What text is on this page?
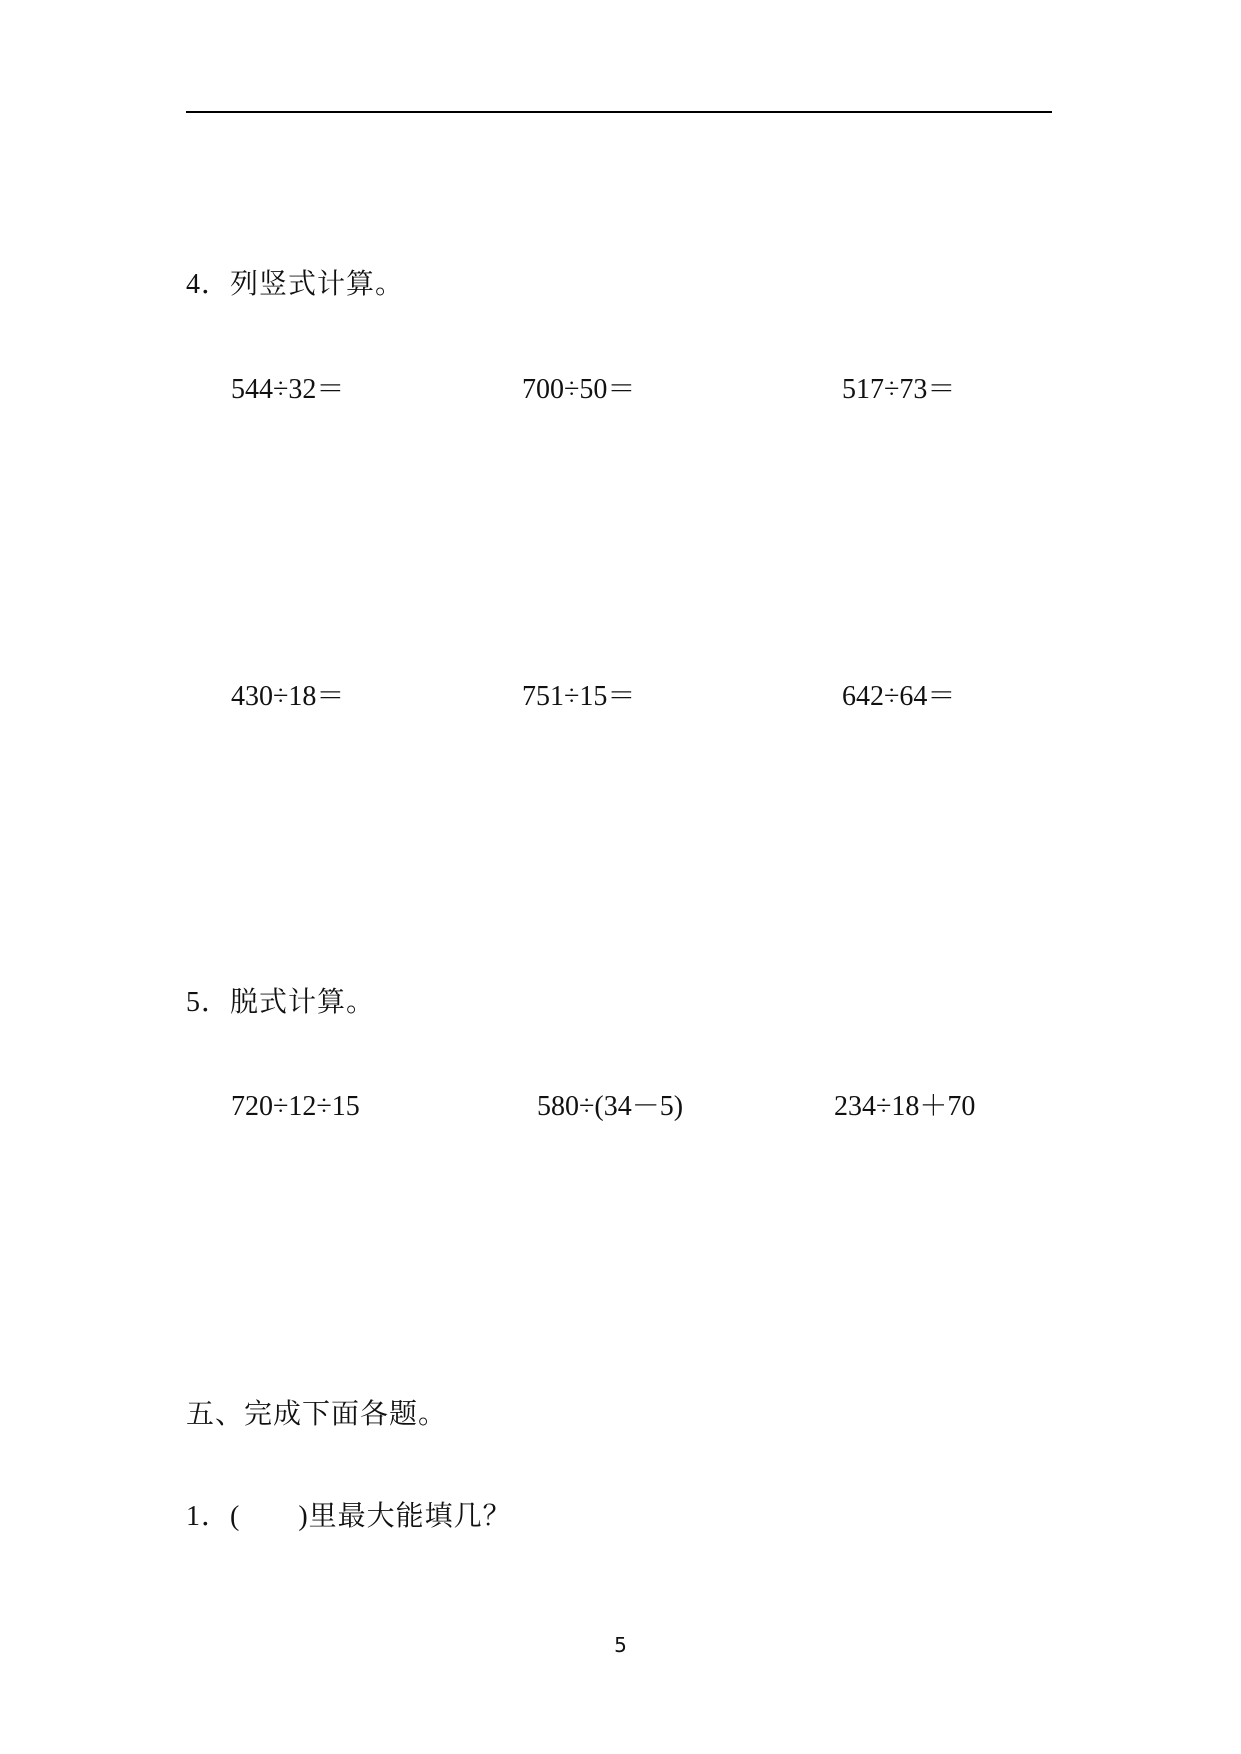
4．列竖式计算。
544÷32＝	700÷50＝	517÷73＝
430÷18＝	751÷15＝	642÷64＝
5．脱式计算。
720÷12÷15	580÷(34－5)	234÷18＋70
五、完成下面各题。
1．(　　)里最大能填几？
5
